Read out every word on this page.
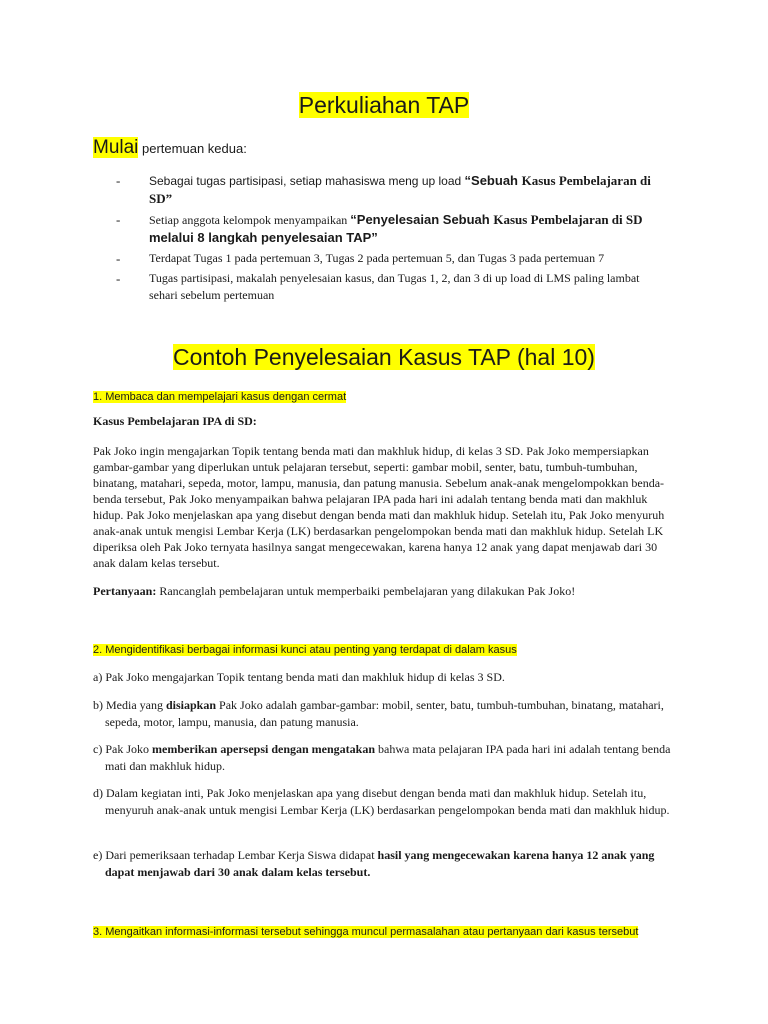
Perkuliahan TAP
Mulai pertemuan kedua:
-	Sebagai tugas partisipasi, setiap mahasiswa meng up load “Sebuah Kasus Pembelajaran di SD”
-	Setiap anggota kelompok menyampaikan “Penyelesaian Sebuah Kasus Pembelajaran di SD melalui 8 langkah penyelesaian TAP”
-	Terdapat Tugas 1 pada pertemuan 3, Tugas 2 pada pertemuan 5, dan Tugas 3 pada pertemuan 7
-	Tugas partisipasi, makalah penyelesaian kasus, dan Tugas 1, 2, dan 3 di up load di LMS paling lambat sehari sebelum pertemuan
Contoh Penyelesaian Kasus TAP (hal 10)
1. Membaca dan mempelajari kasus dengan cermat
Kasus Pembelajaran IPA di SD:
Pak Joko ingin mengajarkan Topik tentang benda mati dan makhluk hidup, di kelas 3 SD. Pak Joko mempersiapkan gambar-gambar yang diperlukan untuk pelajaran tersebut, seperti: gambar mobil, senter, batu, tumbuh-tumbuhan, binatang, matahari, sepeda, motor, lampu, manusia, dan patung manusia. Sebelum anak-anak mengelompokkan benda-benda tersebut, Pak Joko menyampaikan bahwa pelajaran IPA pada hari ini adalah tentang benda mati dan makhluk hidup. Pak Joko menjelaskan apa yang disebut dengan benda mati dan makhluk hidup. Setelah itu, Pak Joko menyuruh anak-anak untuk mengisi Lembar Kerja (LK) berdasarkan pengelompokan benda mati dan makhluk hidup. Setelah LK diperiksa oleh Pak Joko ternyata hasilnya sangat mengecewakan, karena hanya 12 anak yang dapat menjawab dari 30 anak dalam kelas tersebut.
Pertanyaan: Rancanglah pembelajaran untuk memperbaiki pembelajaran yang dilakukan Pak Joko!
2. Mengidentifikasi berbagai informasi kunci atau penting yang terdapat di dalam kasus
a) Pak Joko mengajarkan Topik tentang benda mati dan makhluk hidup di kelas 3 SD.
b) Media yang disiapkan Pak Joko adalah gambar-gambar: mobil, senter, batu, tumbuh-tumbuhan, binatang, matahari, sepeda, motor, lampu, manusia, dan patung manusia.
c) Pak Joko memberikan apersepsi dengan mengatakan bahwa mata pelajaran IPA pada hari ini adalah tentang benda mati dan makhluk hidup.
d) Dalam kegiatan inti, Pak Joko menjelaskan apa yang disebut dengan benda mati dan makhluk hidup. Setelah itu, menyuruh anak-anak untuk mengisi Lembar Kerja (LK) berdasarkan pengelompokan benda mati dan makhluk hidup.
e) Dari pemeriksaan terhadap Lembar Kerja Siswa didapat hasil yang mengecewakan karena hanya 12 anak yang dapat menjawab dari 30 anak dalam kelas tersebut.
3. Mengaitkan informasi-informasi tersebut sehingga muncul permasalahan atau pertanyaan dari kasus tersebut
